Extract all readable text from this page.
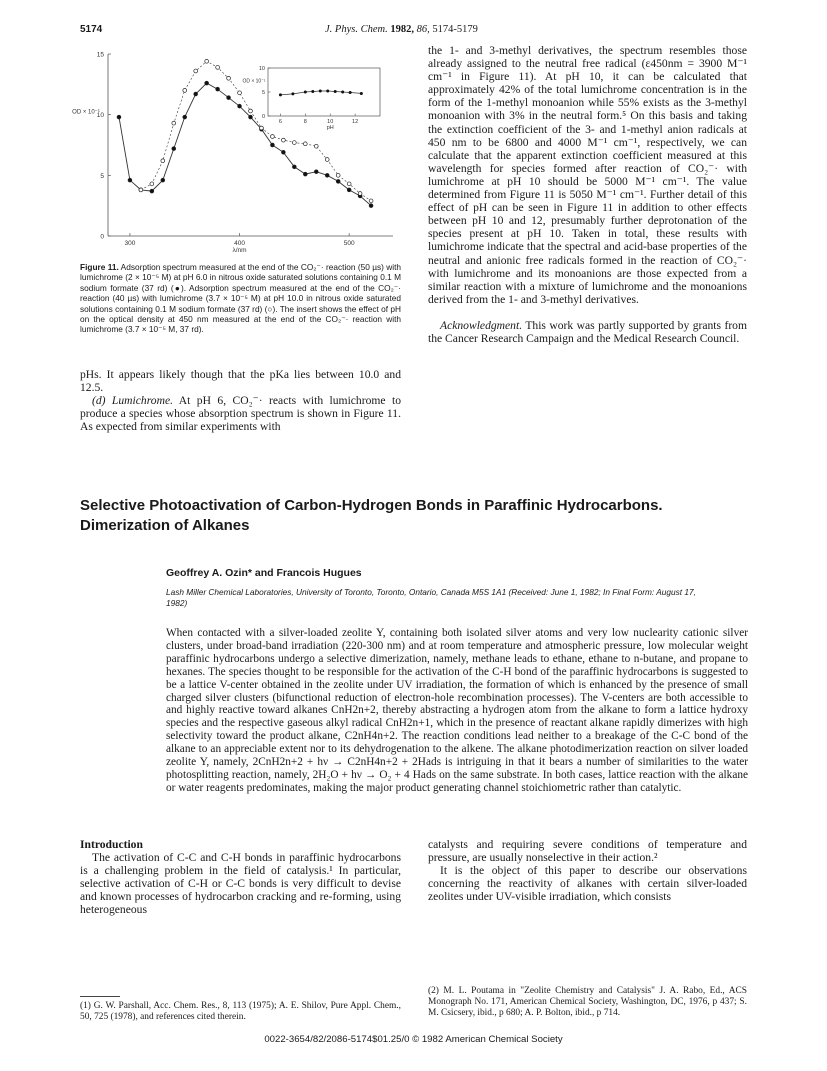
5174	J. Phys. Chem. 1982, 86, 5174-5179
300	400	500
0
5
10
15
λ/nm
OD × 10⁻¹
6	8	10	12
0
5
10
pH
OD × 10⁻¹
Figure 11. Adsorption spectrum measured at the end of the CO₂⁻· reaction (50 µs) with lumichrome (2 × 10⁻⁵ M) at pH 6.0 in nitrous oxide saturated solutions containing 0.1 M sodium formate (37 rd) (●). Adsorption spectrum measured at the end of the CO₂⁻· reaction (40 µs) with lumichrome (3.7 × 10⁻⁵ M) at pH 10.0 in nitrous oxide saturated solutions containing 0.1 M sodium formate (37 rd) (○). The insert shows the effect of pH on the optical density at 450 nm measured at the end of the CO₂⁻· reaction with lumichrome (3.7 × 10⁻⁵ M, 37 rd).

pHs. It appears likely though that the pKa lies between 10.0 and 12.5.

(d) Lumichrome. At pH 6, CO₂⁻· reacts with lumichrome to produce a species whose absorption spectrum is shown in Figure 11. As expected from similar experiments with

the 1- and 3-methyl derivatives, the spectrum resembles those already assigned to the neutral free radical (ε450nm = 3900 M⁻¹ cm⁻¹ in Figure 11). At pH 10, it can be calculated that approximately 42% of the total lumichrome concentration is in the form of the 1-methyl monoanion while 55% exists as the 3-methyl monoanion with 3% in the neutral form.⁵ On this basis and taking the extinction coefficient of the 3- and 1-methyl anion radicals at 450 nm to be 6800 and 4000 M⁻¹ cm⁻¹, respectively, we can calculate that the apparent extinction coefficient measured at this wavelength for species formed after reaction of CO₂⁻· with lumichrome at pH 10 should be 5000 M⁻¹ cm⁻¹. The value determined from Figure 11 is 5050 M⁻¹ cm⁻¹. Further detail of this effect of pH can be seen in Figure 11 in addition to other effects between pH 10 and 12, presumably further deprotonation of the species present at pH 10. Taken in total, these results with lumichrome indicate that the spectral and acid-base properties of the neutral and anionic free radicals formed in the reaction of CO₂⁻· with lumichrome and its monoanions are those expected from a similar reaction with a mixture of lumichrome and the monoanions derived from the 1- and 3-methyl derivatives.

Acknowledgment. This work was partly supported by grants from the Cancer Research Campaign and the Medical Research Council.

Selective Photoactivation of Carbon-Hydrogen Bonds in Paraffinic Hydrocarbons. Dimerization of Alkanes
Geoffrey A. Ozin* and Francois Hugues
Lash Miller Chemical Laboratories, University of Toronto, Toronto, Ontario, Canada M5S 1A1 (Received: June 1, 1982; In Final Form: August 17, 1982)
When contacted with a silver-loaded zeolite Y, containing both isolated silver atoms and very low nuclearity cationic silver clusters, under broad-band irradiation (220-300 nm) and at room temperature and atmospheric pressure, low molecular weight paraffinic hydrocarbons undergo a selective dimerization, namely, methane leads to ethane, ethane to n-butane, and propane to hexanes. The species thought to be responsible for the activation of the C-H bond of the paraffinic hydrocarbons is suggested to be a lattice V-center obtained in the zeolite under UV irradiation, the formation of which is enhanced by the presence of small charged silver clusters (bifunctional reduction of electron-hole recombination processes). The V-centers are both accessible to and highly reactive toward alkanes CnH2n+2, thereby abstracting a hydrogen atom from the alkane to form a lattice hydroxy species and the respective gaseous alkyl radical CnH2n+1, which in the presence of reactant alkane rapidly dimerizes with high selectivity toward the product alkane, C2nH4n+2. The reaction conditions lead neither to a breakage of the C-C bond of the alkane to an appreciable extent nor to its dehydrogenation to the alkene. The alkane photodimerization reaction on silver loaded zeolite Y, namely, 2CnH2n+2 + hν → C2nH4n+2 + 2Hads is intriguing in that it bears a number of similarities to the water photosplitting reaction, namely, 2H₂O + hν → O₂ + 4 Hads on the same substrate. In both cases, lattice reaction with the alkane or water reagents predominates, making the major product generating channel stoichiometric rather than catalytic.

Introduction

The activation of C-C and C-H bonds in paraffinic hydrocarbons is a challenging problem in the field of catalysis.¹ In particular, selective activation of C-H or C-C bonds is very difficult to devise and known processes of hydrocarbon cracking and re-forming, using heterogeneous

catalysts and requiring severe conditions of temperature and pressure, are usually nonselective in their action.²

It is the object of this paper to describe our observations concerning the reactivity of alkanes with certain silver-loaded zeolites under UV-visible irradiation, which consists

(1) G. W. Parshall, Acc. Chem. Res., 8, 113 (1975); A. E. Shilov, Pure Appl. Chem., 50, 725 (1978), and references cited therein.
(2) M. L. Poutama in "Zeolite Chemistry and Catalysis" J. A. Rabo, Ed., ACS Monograph No. 171, American Chemical Society, Washington, DC, 1976, p 437; S. M. Csicsery, ibid., p 680; A. P. Bolton, ibid., p 714.
0022-3654/82/2086-5174$01.25/0 © 1982 American Chemical Society
